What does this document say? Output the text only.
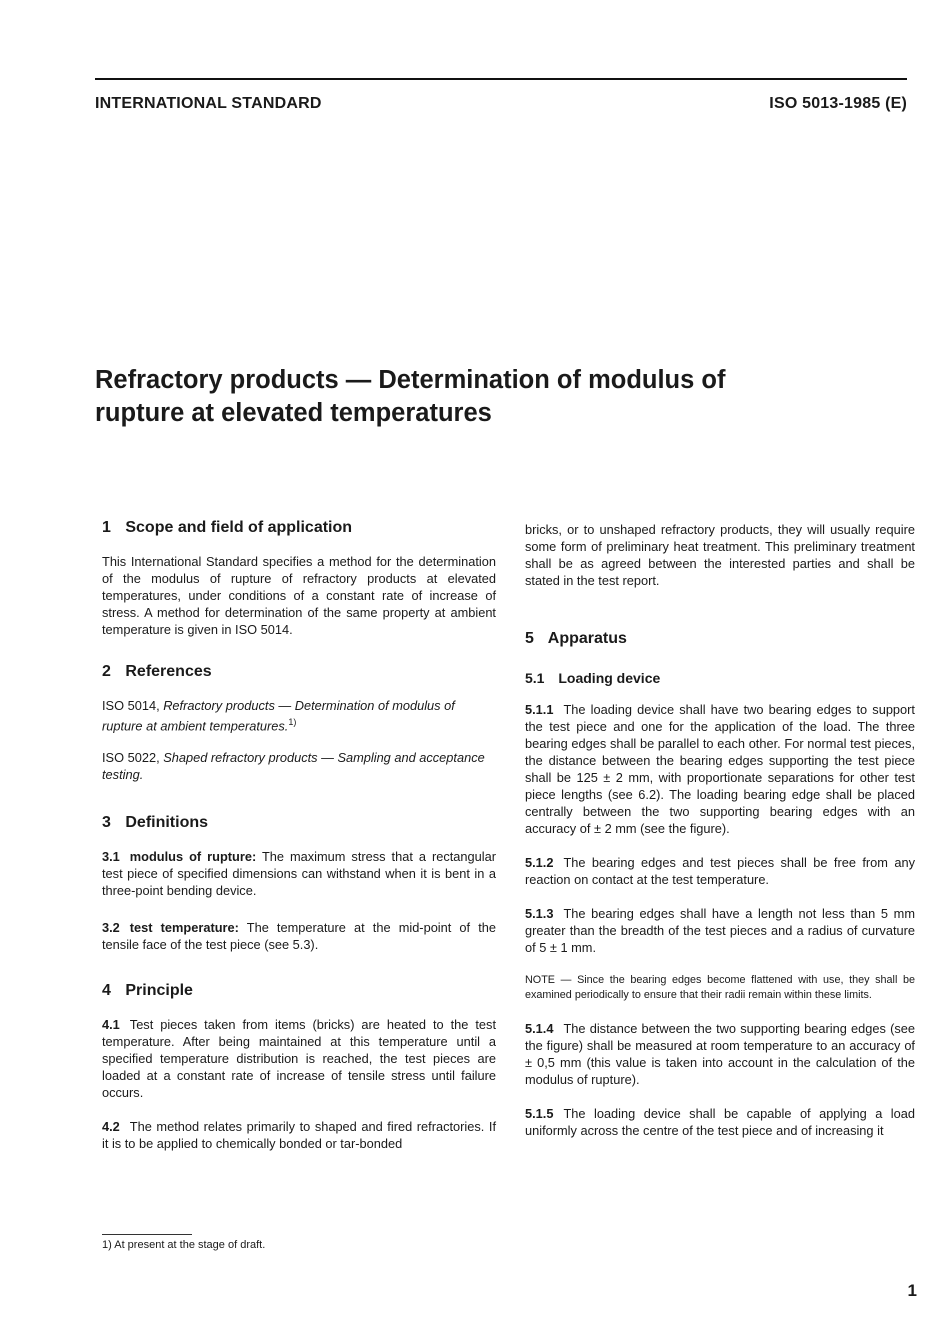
INTERNATIONAL STANDARD	ISO 5013-1985 (E)
Refractory products — Determination of modulus of
rupture at elevated temperatures
1 Scope and field of application

This International Standard specifies a method for the determination of the modulus of rupture of refractory products at elevated temperatures, under conditions of a constant rate of increase of stress. A method for determination of the same property at ambient temperature is given in ISO 5014.

2 References

ISO 5014, Refractory products — Determination of modulus of rupture at ambient temperatures.$^{1)}$

ISO 5022, Shaped refractory products — Sampling and acceptance testing.

3 Definitions

3.1 modulus of rupture: The maximum stress that a rectangular test piece of specified dimensions can withstand when it is bent in a three-point bending device.

3.2 test temperature: The temperature at the mid-point of the tensile face of the test piece (see 5.3).

4 Principle

4.1 Test pieces taken from items (bricks) are heated to the test temperature. After being maintained at this temperature until a specified temperature distribution is reached, the test pieces are loaded at a constant rate of increase of tensile stress until failure occurs.

4.2 The method relates primarily to shaped and fired refractories. If it is to be applied to chemically bonded or tar-bonded

bricks, or to unshaped refractory products, they will usually require some form of preliminary heat treatment. This preliminary treatment shall be as agreed between the interested parties and shall be stated in the test report.

5 Apparatus
5.1 Loading device

5.1.1 The loading device shall have two bearing edges to support the test piece and one for the application of the load. The three bearing edges shall be parallel to each other. For normal test pieces, the distance between the bearing edges supporting the test piece shall be 125 ± 2 mm, with proportionate separations for other test piece lengths (see 6.2). The loading bearing edge shall be placed centrally between the two supporting bearing edges with an accuracy of ± 2 mm (see the figure).

5.1.2 The bearing edges and test pieces shall be free from any reaction on contact at the test temperature.

5.1.3 The bearing edges shall have a length not less than 5 mm greater than the breadth of the test pieces and a radius of curvature of 5 ± 1 mm.

NOTE — Since the bearing edges become flattened with use, they shall be examined periodically to ensure that their radii remain within these limits.

5.1.4 The distance between the two supporting bearing edges (see the figure) shall be measured at room temperature to an accuracy of ± 0,5 mm (this value is taken into account in the calculation of the modulus of rupture).

5.1.5 The loading device shall be capable of applying a load uniformly across the centre of the test piece and of increasing it

1) At present at the stage of draft.
1
